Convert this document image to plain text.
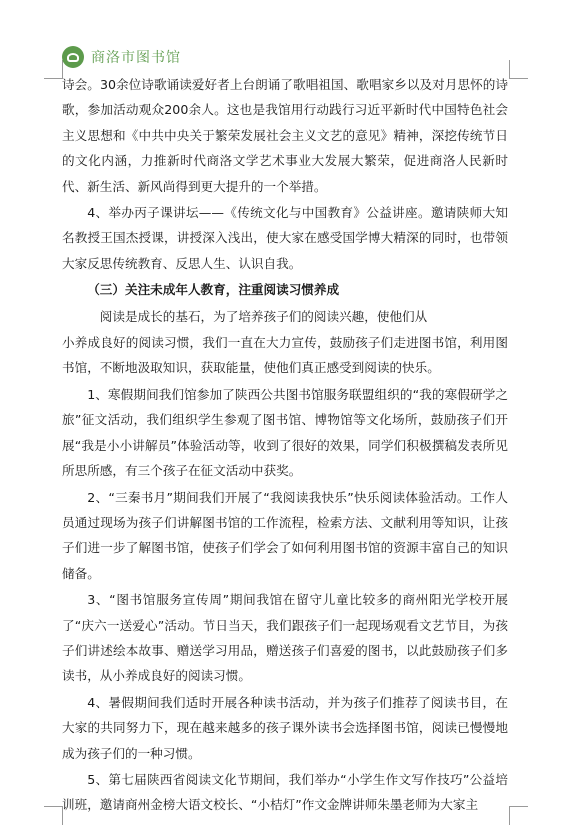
商洛市图书馆

诗会。30余位诗歌诵读爱好者上台朗诵了歌唱祖国、歌唱家乡以及对月思怀的诗歌，参加活动观众200余人。这也是我馆用行动践行习近平新时代中国特色社会主义思想和《中共中央关于繁荣发展社会主义文艺的意见》精神，深挖传统节日的文化内涵，力推新时代商洛文学艺术事业大发展大繁荣，促进商洛人民新时代、新生活、新风尚得到更大提升的一个举措。

4、举办丙子课讲坛——《传统文化与中国教育》公益讲座。邀请陕师大知名教授王国杰授课，讲授深入浅出，使大家在感受国学博大精深的同时，也带领大家反思传统教育、反思人生、认识自我。

（三）关注未成年人教育，注重阅读习惯养成

阅读是成长的基石，为了培养孩子们的阅读兴趣，使他们从

小养成良好的阅读习惯，我们一直在大力宣传，鼓励孩子们走进图书馆，利用图书馆，不断地汲取知识，获取能量，使他们真正感受到阅读的快乐。

1、寒假期间我们馆参加了陕西公共图书馆服务联盟组织的“我的寒假研学之旅”征文活动，我们组织学生参观了图书馆、博物馆等文化场所，鼓励孩子们开展“我是小小讲解员”体验活动等，收到了很好的效果，同学们积极撰稿发表所见所思所感，有三个孩子在征文活动中获奖。

2、“三秦书月”期间我们开展了“我阅读我快乐”快乐阅读体验活动。工作人员通过现场为孩子们讲解图书馆的工作流程，检索方法、文献利用等知识，让孩子们进一步了解图书馆，使孩子们学会了如何利用图书馆的资源丰富自己的知识储备。

3、“图书馆服务宣传周”期间我馆在留守儿童比较多的商州阳光学校开展了“庆六一送爱心”活动。节日当天，我们跟孩子们一起现场观看文艺节目，为孩子们讲述绘本故事、赠送学习用品，赠送孩子们喜爱的图书，以此鼓励孩子们多读书，从小养成良好的阅读习惯。

4、暑假期间我们适时开展各种读书活动，并为孩子们推荐了阅读书目，在大家的共同努力下，现在越来越多的孩子课外读书会选择图书馆，阅读已慢慢地成为孩子们的一种习惯。

5、第七届陕西省阅读文化节期间，我们举办“小学生作文写作技巧”公益培训班，邀请商州金榜大语文校长、“小桔灯”作文金牌讲师朱墨老师为大家主
